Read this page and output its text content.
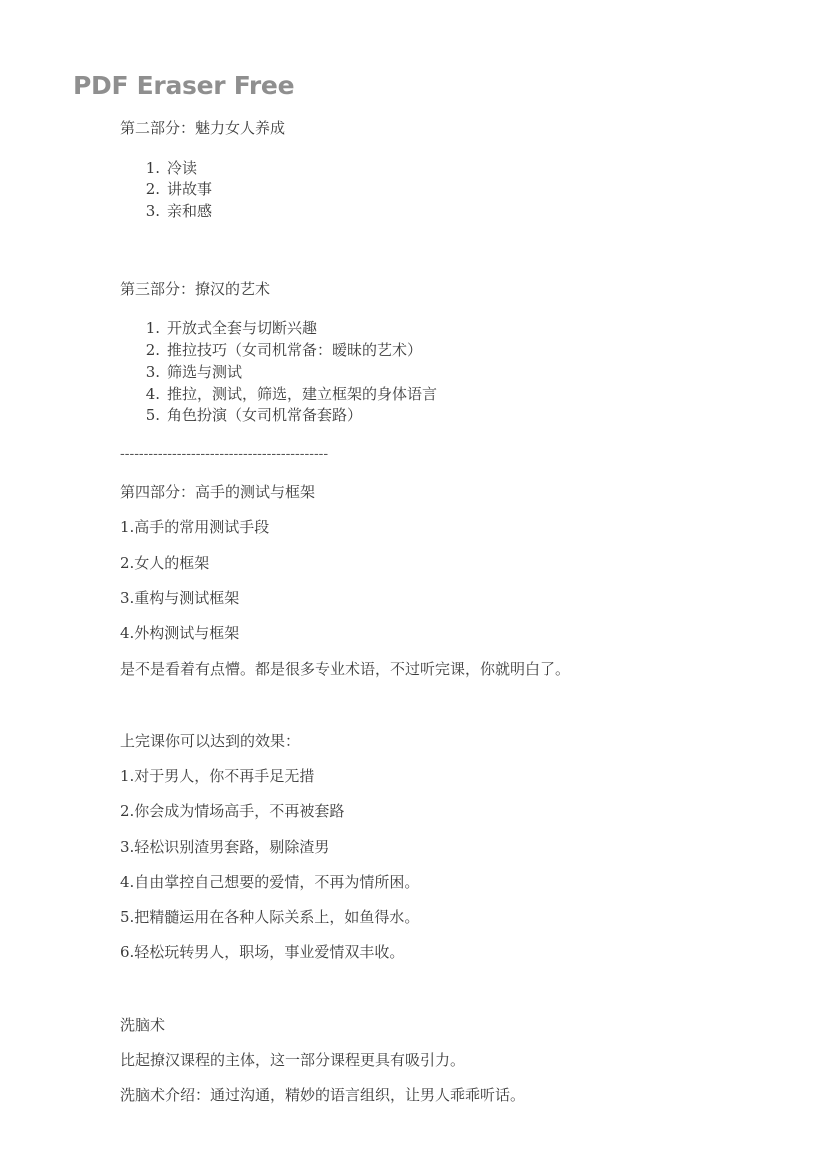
PDF Eraser Free
第二部分：魅力女人养成
1. 冷读
2. 讲故事
3. 亲和感
第三部分：撩汉的艺术
1. 开放式全套与切断兴趣
2. 推拉技巧（女司机常备：暧昧的艺术）
3. 筛选与测试
4. 推拉，测试，筛选，建立框架的身体语言
5. 角色扮演（女司机常备套路）
--------------------------------------------
第四部分：高手的测试与框架
1.高手的常用测试手段
2.女人的框架
3.重构与测试框架
4.外构测试与框架
是不是看着有点懵。都是很多专业术语，不过听完课，你就明白了。
上完课你可以达到的效果：
1.对于男人，你不再手足无措
2.你会成为情场高手，不再被套路
3.轻松识别渣男套路，剔除渣男
4.自由掌控自己想要的爱情，不再为情所困。
5.把精髓运用在各种人际关系上，如鱼得水。
6.轻松玩转男人，职场，事业爱情双丰收。
洗脑术
比起撩汉课程的主体，这一部分课程更具有吸引力。
洗脑术介绍：通过沟通，精妙的语言组织，让男人乖乖听话。
